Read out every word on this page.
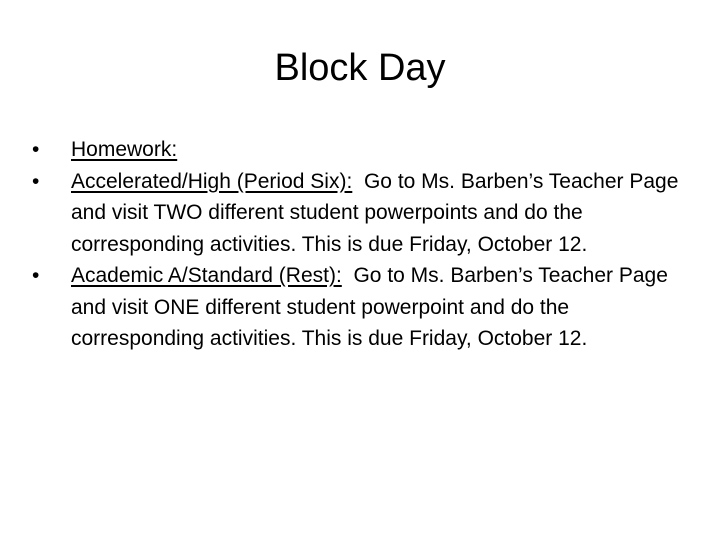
Block Day
•	Homework:
•	Accelerated/High (Period Six): Go to Ms. Barben’s Teacher Page and visit TWO different student powerpoints and do the corresponding activities. This is due Friday, October 12.
•	Academic A/Standard (Rest): Go to Ms. Barben’s Teacher Page and visit ONE different student powerpoint and do the corresponding activities. This is due Friday, October 12.
